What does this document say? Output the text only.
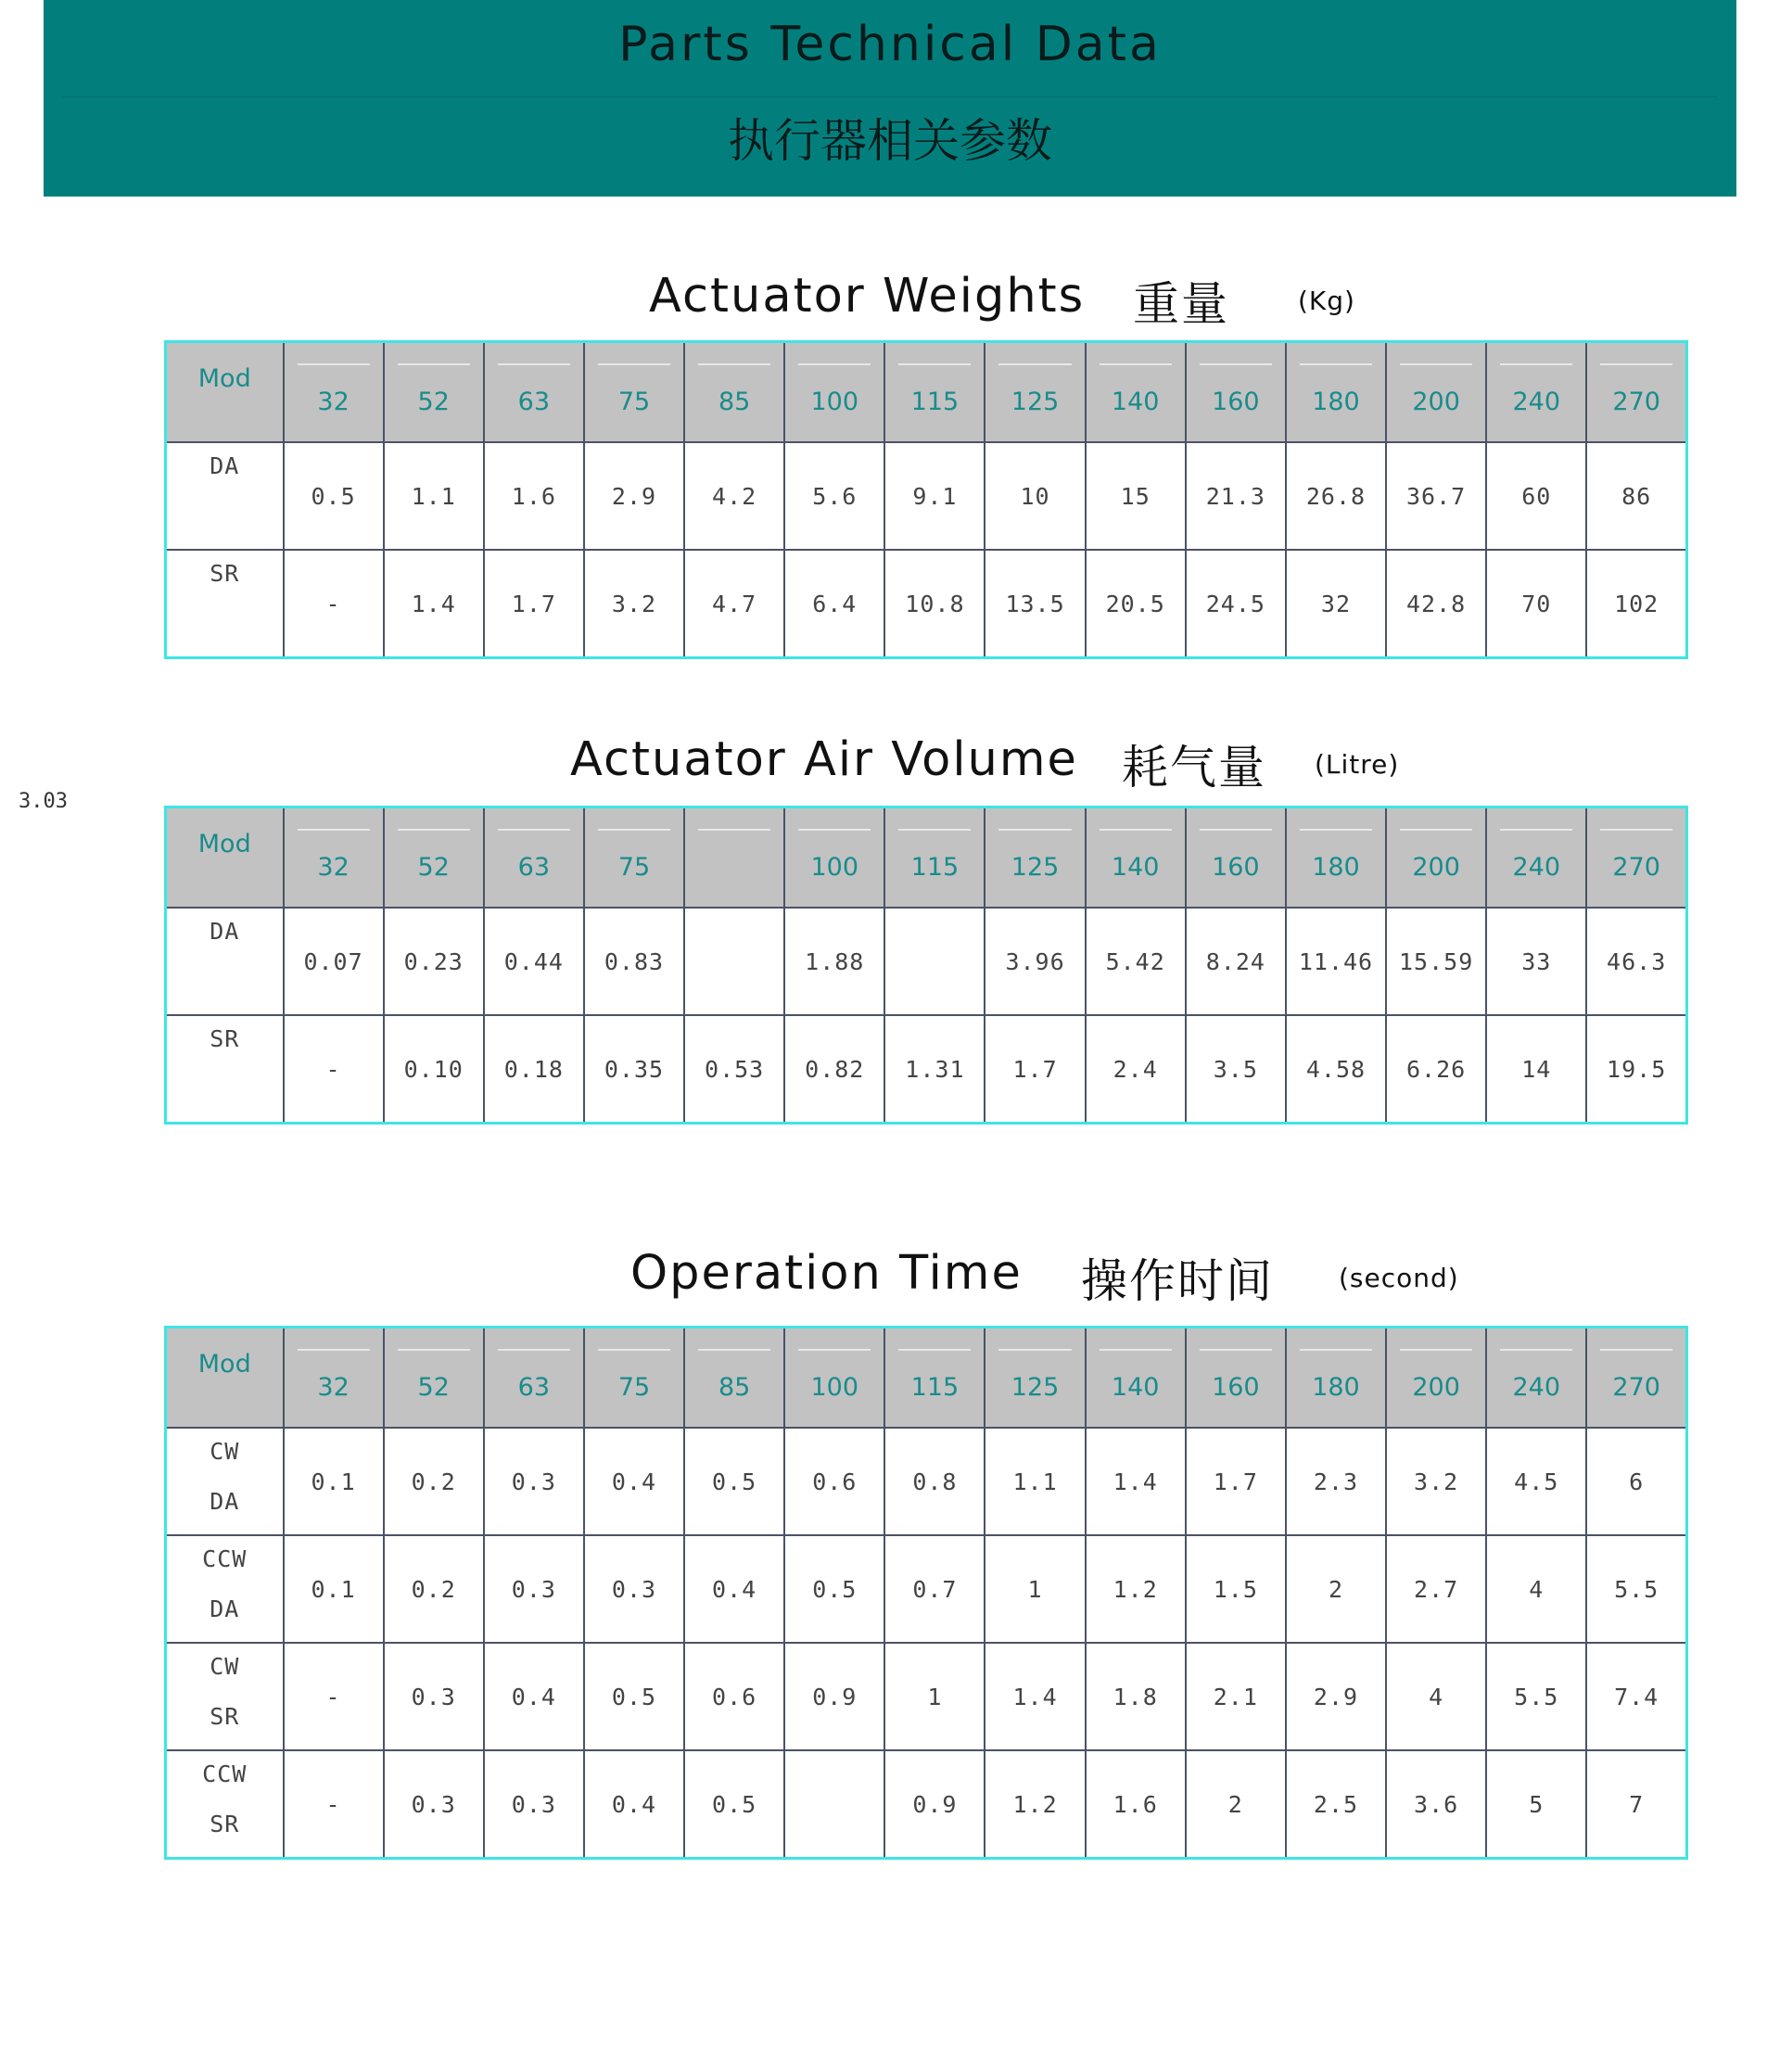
Parts Technical Data
执行器相关参数
3.03
Actuator Weights 重量	(Kg)
Mod	32	52	63	75	85	100	115	125	140	160	180	200	240	270

DA	0.5	1.1	1.6	2.9	4.2	5.6	9.1	10	15	21.3	26.8	36.7	60	86

SR	-	1.4	1.7	3.2	4.7	6.4	10.8	13.5	20.5	24.5	32	42.8	70	102
Actuator Air Volume 耗气量 (Litre)
Mod	32	52	63	75		100	115	125	140	160	180	200	240	270

DA	0.07	0.23	0.44	0.83		1.88		3.96	5.42	8.24	11.46	15.59	33	46.3

SR	-	0.10	0.18	0.35	0.53	0.82	1.31	1.7	2.4	3.5	4.58	6.26	14	19.5
Operation Time 操作时间	(second)
Mod	32	52	63	75	85	100	115	125	140	160	180	200	240	270

CW
DA	0.1	0.2	0.3	0.4	0.5	0.6	0.8	1.1	1.4	1.7	2.3	3.2	4.5	6

CCW
DA	0.1	0.2	0.3	0.3	0.4	0.5	0.7	1	1.2	1.5	2	2.7	4	5.5

CW
SR	-	0.3	0.4	0.5	0.6	0.9	1	1.4	1.8	2.1	2.9	4	5.5	7.4

CCW
SR	-	0.3	0.3	0.4	0.5		0.9	1.2	1.6	2	2.5	3.6	5	7
